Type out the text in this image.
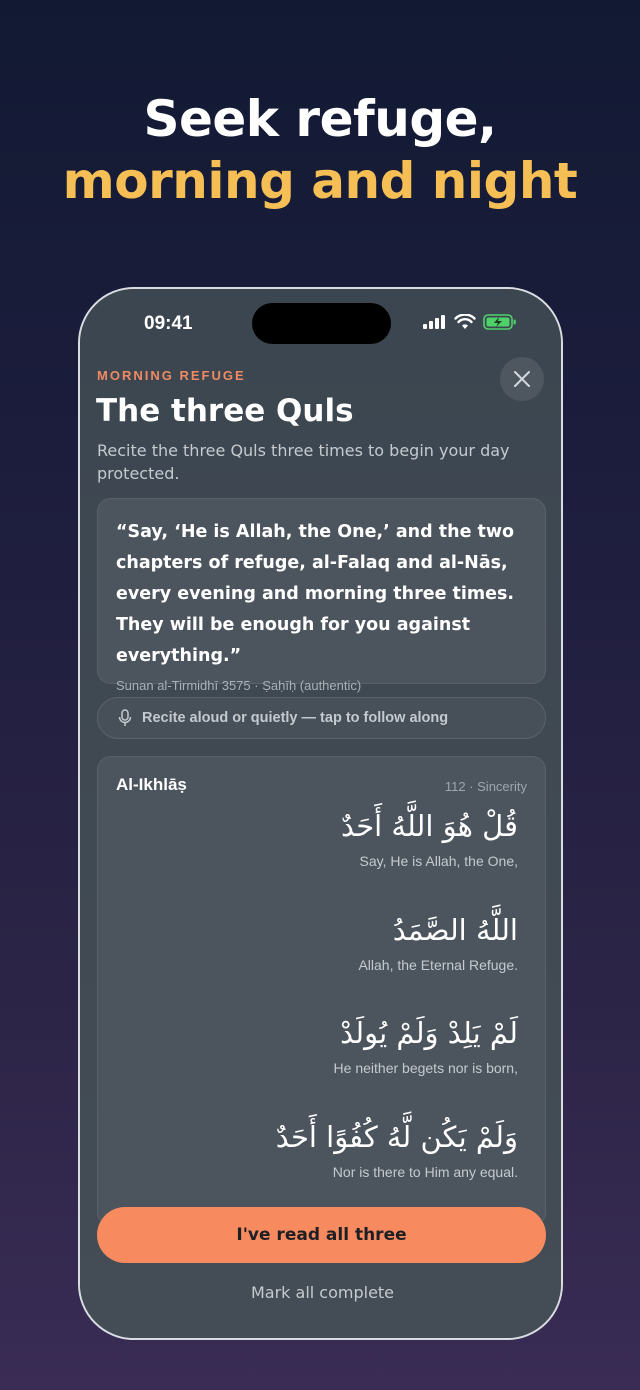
Seek refuge,
morning and night
09:41
MORNING REFUGE
The three Quls
Recite the three Quls three times to begin your day protected.
“Say, ‘He is Allah, the One,’ and the two chapters of refuge, al-Falaq and al-Nās, every evening and morning three times. They will be enough for you against everything.”
Sunan al-Tirmidhī 3575 · Ṣaḥīḥ (authentic)
Recite aloud or quietly — tap to follow along
Al-Ikhlāṣ	112 · Sincerity
قُلْ هُوَ اللَّهُ أَحَدٌ
Say, He is Allah, the One,
اللَّهُ الصَّمَدُ
Allah, the Eternal Refuge.
لَمْ يَلِدْ وَلَمْ يُولَدْ
He neither begets nor is born,
وَلَمْ يَكُن لَّهُ كُفُوًا أَحَدٌ
Nor is there to Him any equal.
I've read all three
Mark all complete
